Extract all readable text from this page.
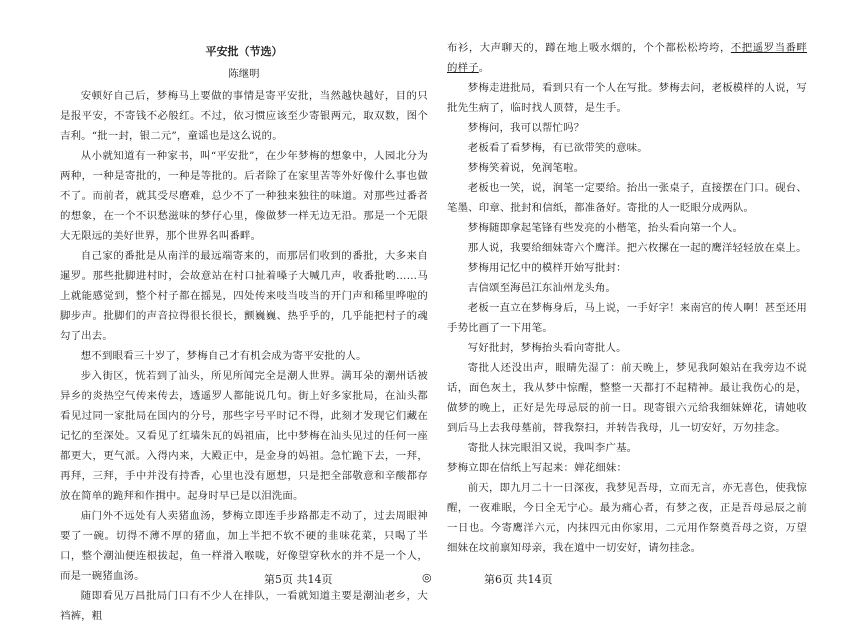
平安批（节选）
陈继明

安顿好自己后，梦梅马上要做的事情是寄平安批，当然越快越好，目的只是报平安，不寄钱不必般红。不过，依习惯应该至少寄银两元，取双数，图个吉利。“批一封，银二元”，童谣也是这么说的。

从小就知道有一种家书，叫“平安批”，在少年梦梅的想象中，人园北分为两种，一种是寄批的，一种是等批的。后者除了在家里苦等外好像什么事也做不了。而前者，就其受尽磨难，总少不了一种独来独往的味道。对那些过番者的想象，在一个不识愁滋味的梦仔心里，像做梦一样无边无沿。那是一个无限大无限远的美好世界，那个世界名叫番畔。

自己家的番批是从南洋的最远端寄来的，而那居们收到的番批，大多来自暹罗。那些批脚进村时，会故意站在村口扯着嗓子大喊几声，收番批哟……马上就能感觉到，整个村子都在摇晃，四处传来吱当吱当的开门声和稀里哗啦的脚步声。批脚们的声音拉得很长很长，颤巍巍、热乎乎的，几乎能把村子的魂勾了出去。

想不到眼看三十岁了，梦梅自己才有机会成为寄平安批的人。

步入街区，恍若到了汕头，所见所闻完全是潮人世界。满耳朵的潮州话被异乡的炎热空气传来传去，透遥罗人都能说几句。街上好多家批局，在汕头都看见过同一家批局在国内的分号，那些字号平时记不得，此刻才发现它们藏在记忆的至深处。又看见了红墙朱瓦的妈祖庙，比中梦梅在汕头见过的任何一座都更大，更气派。入得内来，大殿正中，是金身的妈祖。急忙跪下去，一拜，再拜，三拜，手中并没有持香，心里也没有愿想，只是把全部敬意和辛酸都存放在简单的跪拜和作揖中。起身时早已是以泪洗面。

庙门外不远处有人卖猪血汤，梦梅立即连手步路都走不动了，过去周眼神要了一碗。切得不薄不厚的猪血，加上半把不软不硬的韭味花菜，只喝了半口，整个潮汕便连根拔起，鱼一样滑入喉咙，好像望穿秋水的并不是一个人，而是一碗猪血汤。

随即看见万昌批局门口有不少人在排队，一看就知道主要是潮汕老乡，大裆裤，粗

布衫，大声聊天的，蹲在地上吸水烟的，个个都松松垮垮，不把遥罗当番畔的样子。

梦梅走进批局，看到只有一个人在写批。梦梅去问，老板模样的人说，写批先生病了，临时找人顶替，是生手。

梦梅问，我可以帮忙吗？

老板看了看梦梅，有已欲带笑的意味。

梦梅笑着说，免润笔啦。

老板也一笑，说，润笔一定要给。抬出一张桌子，直接摆在门口。砚台、笔墨、印章、批封和信纸，都准备好。寄批的人一眨眼分成两队。

梦梅随即拿起笔锋有些发亮的小楷笔，抬头看向第一个人。

那人说，我要给细妹寄六个鹰洋。把六枚摞在一起的鹰洋轻轻放在桌上。

梦梅用记忆中的模样开始写批封：

吉信颂至海邑江东汕州龙头角。

老板一直立在梦梅身后，马上说，一手好字！来南宫的传人啊！甚至还用手势比画了一下用笔。

写好批封，梦梅抬头看向寄批人。

寄批人还没出声，眼睛先湿了：前天晚上，梦见我阿娘站在我旁边不说话，面色灰土，我从梦中惊醒，整整一天都打不起精神。最让我伤心的是，做梦的晚上，正好是先母忌辰的前一日。现寄银六元给我细妹婵花，请她收到后马上去我母墓前，替我祭扫，并转告我母，儿一切安好，万勿挂念。

寄批人抹完眼泪又说，我叫李广基。

梦梅立即在信纸上写起来：婵花细妹：

前天，即九月二十一日深夜，我梦见吾母，立而无言，亦无喜色，使我惊醒，一夜难眠，今日全无宁心。最为痛心者，有梦之夜，正是吾母忌辰之前一日也。今寄鹰洋六元，内抹四元由你家用，二元用作祭奠吾母之资，万望细妹在坟前禀知母亲，我在道中一切安好，请勿挂念。

第5页 共14页	◎	第6页 共14页
